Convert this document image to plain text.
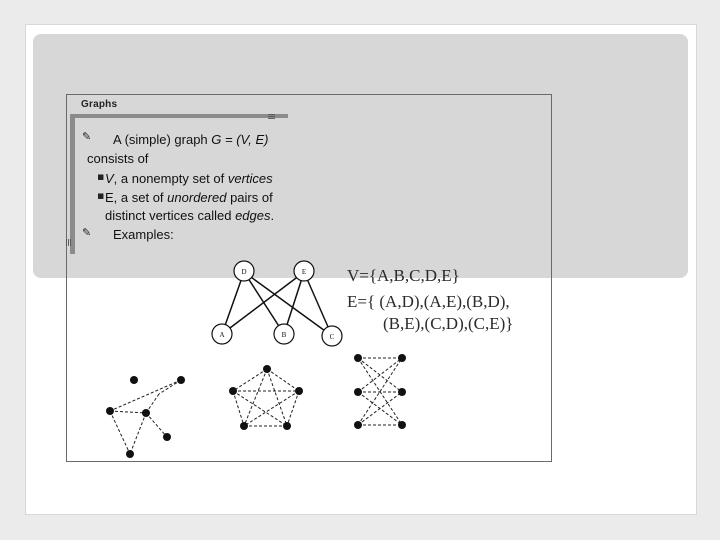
≡
≡
Graphs
✎ A (simple) graph G = (V, E)
consists of
▪ V, a nonempty set of vertices
▪ E, a set of unordered pairs of
distinct vertices called edges.
✎ Examples:
D	E
A	B	C
V={A,B,C,D,E}
E={ (A,D),(A,E),(B,D),
(B,E),(C,D),(C,E)}
